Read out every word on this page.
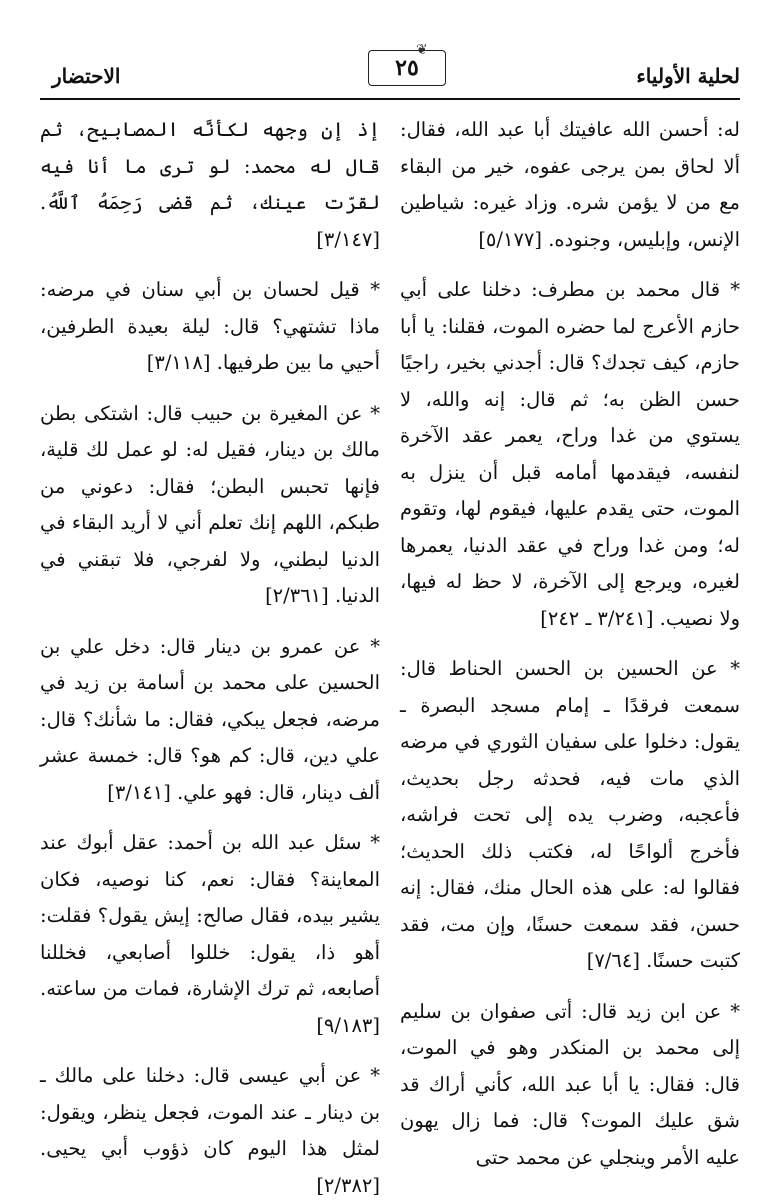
لحلية الأولياء
❦
٢٥
الاحتضار

له: أحسن الله عافيتك أبا عبد الله، فقال: ألا لحاق بمن يرجى عفوه، خير من البقاء مع من لا يؤمن شره. وزاد غيره: شياطين الإنس، وإبليس، وجنوده. [٥/١٧٧]

* قال محمد بن مطرف: دخلنا على أبي حازم الأعرج لما حضره الموت، فقلنا: يا أبا حازم، كيف تجدك؟ قال: أجدني بخير، راجيًا حسن الظن به؛ ثم قال: إنه والله، لا يستوي من غدا وراح، يعمر عقد الآخرة لنفسه، فيقدمها أمامه قبل أن ينزل به الموت، حتى يقدم عليها، فيقوم لها، وتقوم له؛ ومن غدا وراح في عقد الدنيا، يعمرها لغيره، ويرجع إلى الآخرة، لا حظ له فيها، ولا نصيب. [٣/٢٤١ ـ ٢٤٢]

* عن الحسين بن الحسن الحناط قال: سمعت فرقدًا ـ إمام مسجد البصرة ـ يقول: دخلوا على سفيان الثوري في مرضه الذي مات فيه، فحدثه رجل بحديث، فأعجبه، وضرب يده إلى تحت فراشه، فأخرج ألواحًا له، فكتب ذلك الحديث؛ فقالوا له: على هذه الحال منك، فقال: إنه حسن، فقد سمعت حسنًا، وإن مت، فقد كتبت حسنًا. [٧/٦٤]

* عن ابن زيد قال: أتى صفوان بن سليم إلى محمد بن المنكدر وهو في الموت، قال: فقال: يا أبا عبد الله، كأني أراك قد شق عليك الموت؟ قال: فما زال يهون عليه الأمر وينجلي عن محمد حتى

إذ إن وجهه لكأنَّه المصابيح، ثم قال له محمد: لو ترى ما أنا فيه لقرّت عينك، ثم قضى رَحِمَهُ ٱللَّهُ. [٣/١٤٧]

* قيل لحسان بن أبي سنان في مرضه: ماذا تشتهي؟ قال: ليلة بعيدة الطرفين، أحيي ما بين طرفيها. [٣/١١٨]

* عن المغيرة بن حبيب قال: اشتكى بطن مالك بن دينار، فقيل له: لو عمل لك قلية، فإنها تحبس البطن؛ فقال: دعوني من طبكم، اللهم إنك تعلم أني لا أريد البقاء في الدنيا لبطني، ولا لفرجي، فلا تبقني في الدنيا. [٢/٣٦١]

* عن عمرو بن دينار قال: دخل علي بن الحسين على محمد بن أسامة بن زيد في مرضه، فجعل يبكي، فقال: ما شأنك؟ قال: علي دين، قال: كم هو؟ قال: خمسة عشر ألف دينار، قال: فهو علي. [٣/١٤١]

* سئل عبد الله بن أحمد: عقل أبوك عند المعاينة؟ فقال: نعم، كنا نوصيه، فكان يشير بيده، فقال صالح: إيش يقول؟ فقلت: أهو ذا، يقول: خللوا أصابعي، فخللنا أصابعه، ثم ترك الإشارة، فمات من ساعته. [٩/١٨٣]

* عن أبي عيسى قال: دخلنا على مالك ـ بن دينار ـ عند الموت، فجعل ينظر، ويقول: لمثل هذا اليوم كان ذؤوب أبي يحيى. [٢/٣٨٢]
